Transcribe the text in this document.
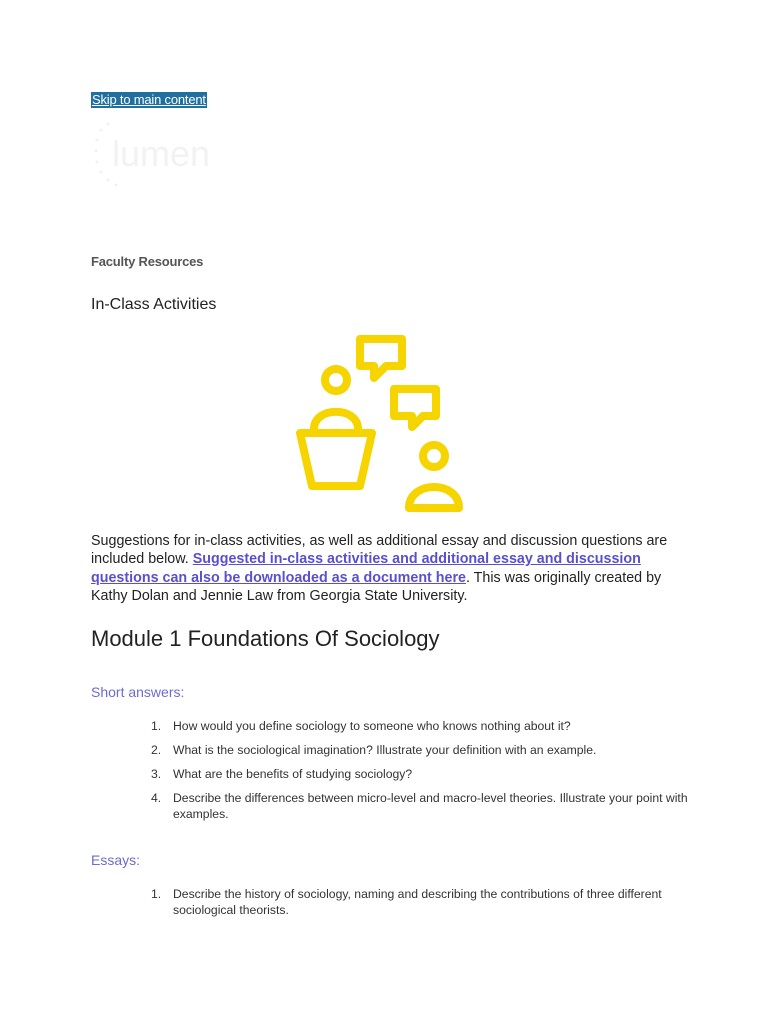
Skip to main content
lumen
Faculty Resources
In-Class Activities

Suggestions for in-class activities, as well as additional essay and discussion questions are included below. Suggested in-class activities and additional essay and discussion questions can also be downloaded as a document here. This was originally created by Kathy Dolan and Jennie Law from Georgia State University.

Module 1 Foundations Of Sociology
Short answers:
1. How would you define sociology to someone who knows nothing about it?
2. What is the sociological imagination? Illustrate your definition with an example.
3. What are the benefits of studying sociology?
4. Describe the differences between micro-level and macro-level theories. Illustrate your point with examples.
Essays:
1. Describe the history of sociology, naming and describing the contributions of three different sociological theorists.
